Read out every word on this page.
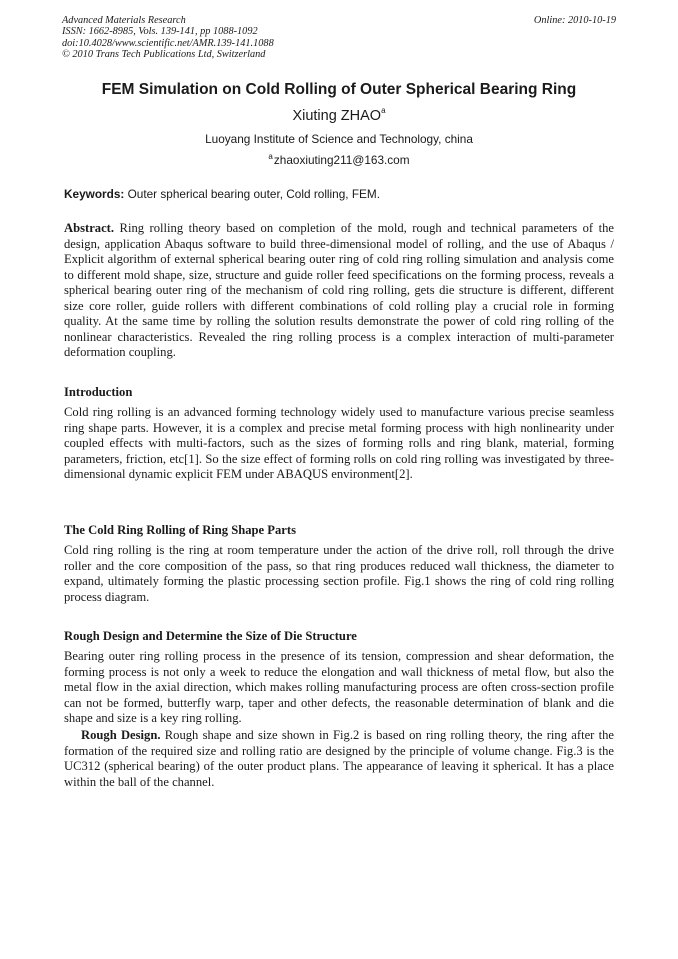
Advanced Materials Research
ISSN: 1662-8985, Vols. 139-141, pp 1088-1092
doi:10.4028/www.scientific.net/AMR.139-141.1088
© 2010 Trans Tech Publications Ltd, Switzerland
Online: 2010-10-19
FEM Simulation on Cold Rolling of Outer Spherical Bearing Ring
Xiuting ZHAO$^a$
Luoyang Institute of Science and Technology, china
$^a$zhaoxiuting211@163.com
Keywords: Outer spherical bearing outer, Cold rolling, FEM.
Abstract. Ring rolling theory based on completion of the mold, rough and technical parameters of the design, application Abaqus software to build three-dimensional model of rolling, and the use of Abaqus / Explicit algorithm of external spherical bearing outer ring of cold ring rolling simulation and analysis come to different mold shape, size, structure and guide roller feed specifications on the forming process, reveals a spherical bearing outer ring of the mechanism of cold ring rolling, gets die structure is different, different size core roller, guide rollers with different combinations of cold rolling play a crucial role in forming quality. At the same time by rolling the solution results demonstrate the power of cold ring rolling of the nonlinear characteristics. Revealed the ring rolling process is a complex interaction of multi-parameter deformation coupling.
Introduction
Cold ring rolling is an advanced forming technology widely used to manufacture various precise seamless ring shape parts. However, it is a complex and precise metal forming process with high nonlinearity under coupled effects with multi-factors, such as the sizes of forming rolls and ring blank, material, forming parameters, friction, etc[1]. So the size effect of forming rolls on cold ring rolling was investigated by three-dimensional dynamic explicit FEM under ABAQUS environment[2].
The Cold Ring Rolling of Ring Shape Parts
Cold ring rolling is the ring at room temperature under the action of the drive roll, roll through the drive roller and the core composition of the pass, so that ring produces reduced wall thickness, the diameter to expand, ultimately forming the plastic processing section profile. Fig.1 shows the ring of cold ring rolling process diagram.
Rough Design and Determine the Size of Die Structure
Bearing outer ring rolling process in the presence of its tension, compression and shear deformation, the forming process is not only a week to reduce the elongation and wall thickness of metal flow, but also the metal flow in the axial direction, which makes rolling manufacturing process are often cross-section profile can not be formed, butterfly warp, taper and other defects, the reasonable determination of blank and die shape and size is a key ring rolling.
Rough Design. Rough shape and size shown in Fig.2 is based on ring rolling theory, the ring after the formation of the required size and rolling ratio are designed by the principle of volume change. Fig.3 is the UC312 (spherical bearing) of the outer product plans. The appearance of leaving it spherical. It has a place within the ball of the channel.
